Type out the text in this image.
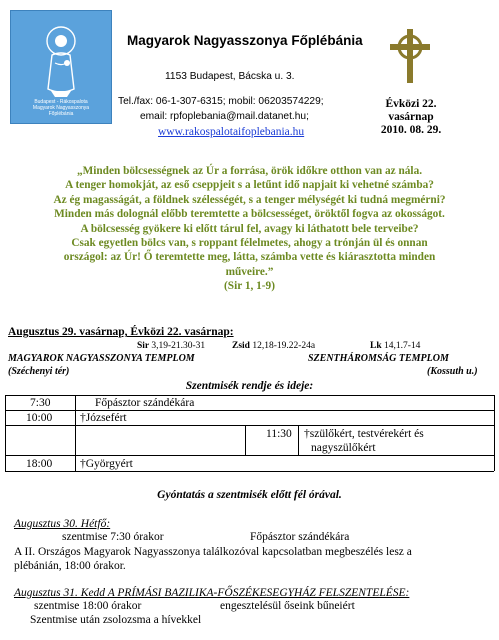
Budapest - Rákospalota
Magyarok Nagyasszonya
Főplébánia
Magyarok Nagyasszonya Főplébánia
1153 Budapest, Bácska u. 3.
Tel./fax: 06-1-307-6315; mobil: 06203574229;
email: rpfoplebania@mail.datanet.hu;
www.rakospalotaifoplebania.hu
Évközi 22.
vasárnap
2010. 08. 29.
„Minden bölcsességnek az Úr a forrása, örök időkre otthon van az nála.
A tenger homokját, az eső cseppjeit s a letűnt idő napjait ki vehetné számba?
Az ég magasságát, a földnek szélességét, s a tenger mélységét ki tudná megmérni?
Minden más dolognál előbb teremtette a bölcsességet, öröktől fogva az okosságot.
A bölcsesség gyökere ki előtt tárul fel, avagy ki láthatott bele terveibe?
Csak egyetlen bölcs van, s roppant félelmetes, ahogy a trónján ül és onnan
országol: az Úr! Ő teremtette meg, látta, számba vette és kiárasztotta minden
műveire.”
(Sir 1, 1-9)
Augusztus 29. vasárnap, Évközi 22. vasárnap:
Sir 3,19-21.30-31	Zsid 12,18-19.22-24a	Lk 14,1.7-14
MAGYAROK NAGYASSZONYA TEMPLOM
(Széchenyi tér)
SZENTHÁROMSÁG TEMPLOM
(Kossuth u.)
Szentmisék rendje és ideje:
7:30	Főpásztor szándékára
10:00 †Józsefért
11:30 †szülőkért, testvérekért és
nagyszülőkért
18:00 †Györgyért
Gyóntatás a szentmisék előtt fél órával.
Augusztus 30. Hétfő:
szentmise 7:30 órakor	Főpásztor szándékára
A II. Országos Magyarok Nagyasszonya találkozóval kapcsolatban megbeszélés lesz a
plébánián, 18:00 órakor.
Augusztus 31. Kedd A PRÍMÁSI BAZILIKA-FŐSZÉKESEGYHÁZ FELSZENTELÉSE:
szentmise 18:00 órakor	engesztelésül őseink bűneiért
Szentmise után zsolozsma a hívekkel
